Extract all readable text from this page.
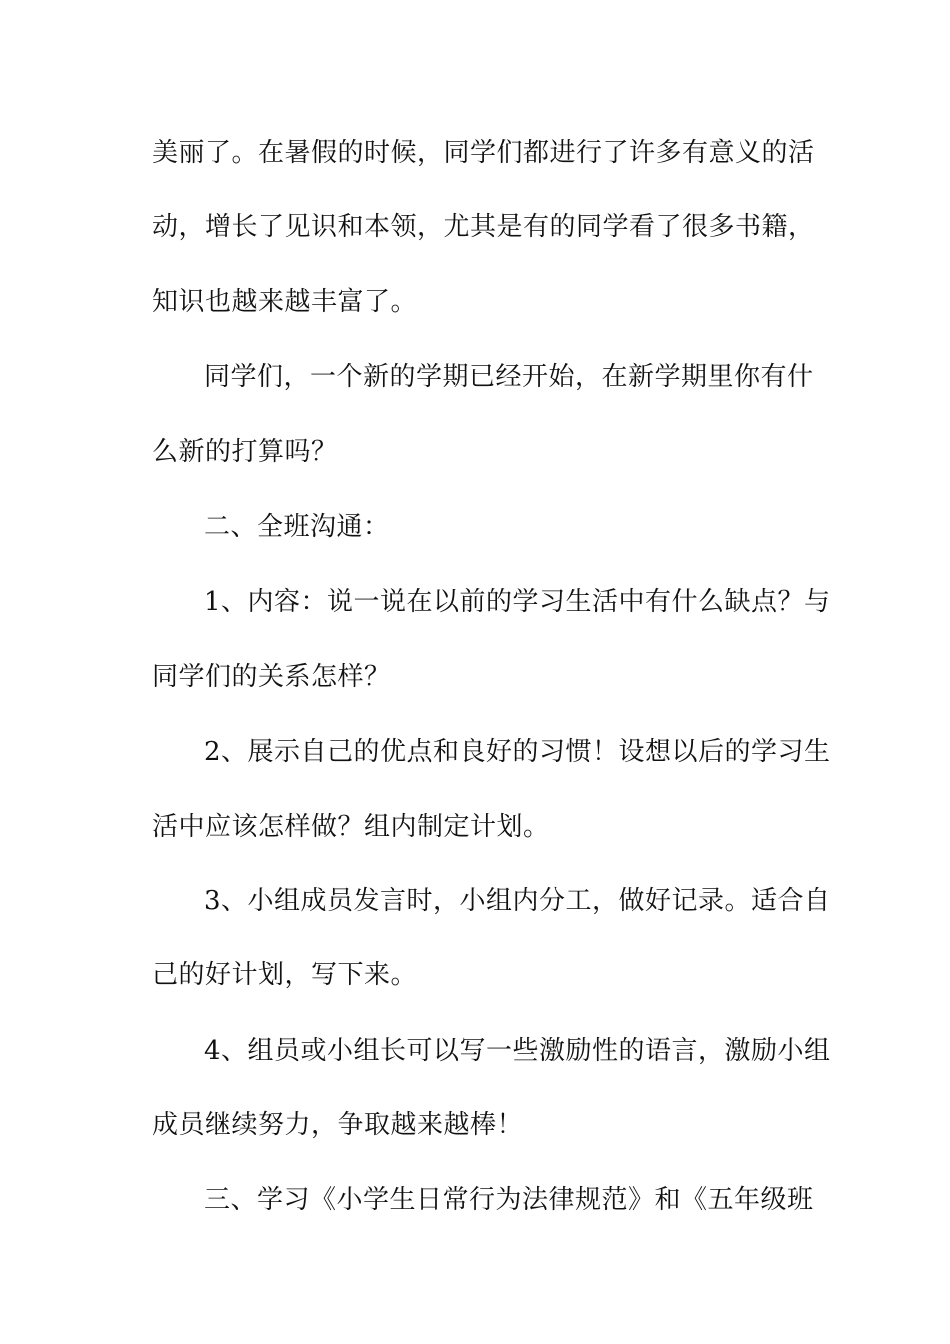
美丽了。在暑假的时候，同学们都进行了许多有意义的活
动，增长了见识和本领，尤其是有的同学看了很多书籍，
知识也越来越丰富了。
同学们，一个新的学期已经开始，在新学期里你有什
么新的打算吗？
二、全班沟通：
1、内容：说一说在以前的学习生活中有什么缺点？与
同学们的关系怎样？
2、展示自己的优点和良好的习惯！设想以后的学习生
活中应该怎样做？组内制定计划。
3、小组成员发言时，小组内分工，做好记录。适合自
己的好计划，写下来。
4、组员或小组长可以写一些激励性的语言，激励小组
成员继续努力，争取越来越棒！
三、学习《小学生日常行为法律规范》和《五年级班
